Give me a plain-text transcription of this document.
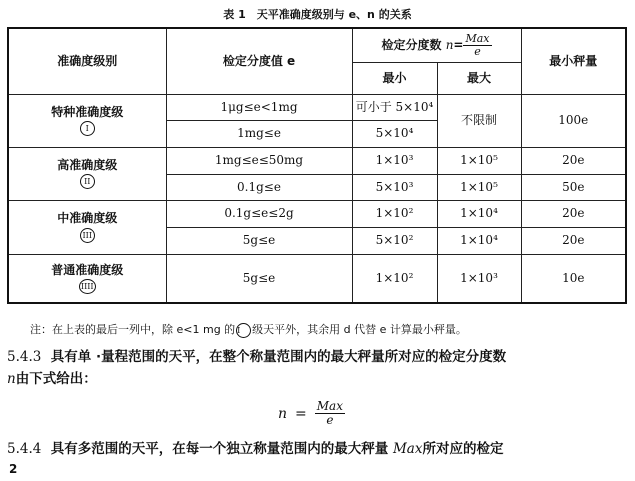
表 1　天平准确度级别与 e、n 的关系
准确度级别	检定分度值 e	检定分度数 $n= \frac{\text{Max}}{e}$		最小秤量
		最小	最大	

特种准确度级
I	1μg≤e<1mg	可小于 5×10⁴	不限制	100e
	1mg≤e	5×10⁴		

高准确度级
II	1mg≤e≤50mg	1×10³	1×10⁵	20e
	0.1g≤e	5×10³	1×10⁵	50e

中准确度级
III	0.1g≤e≤2g	1×10²	1×10⁴	20e
	5g≤e	5×10²	1×10⁴	20e

普通准确度级
IIII	5g≤e	1×10²	1×10³	10e
注：在上表的最后一列中，除 e<1 mg 的 I 级天平外，其余用 d 代替 e 计算最小秤量。
5.4.3 具有单 ·量程范围的天平，在整个称量范围内的最大秤量所对应的检定分度数
n由下式给出：
$n = \frac{\text{Max}}{e}$
5.4.4 具有多范围的天平，在每一个独立称量范围内的最大秤量 Max所对应的检定
2
